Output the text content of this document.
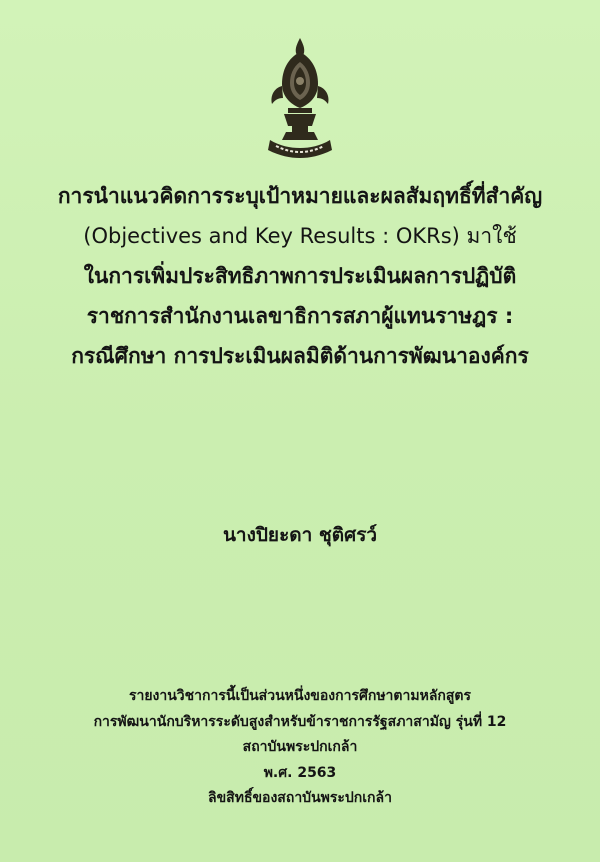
การนำแนวคิดการระบุเป้าหมายและผลสัมฤทธิ์ที่สำคัญ
(Objectives and Key Results : OKRs) มาใช้
ในการเพิ่มประสิทธิภาพการประเมินผลการปฏิบัติ
ราชการสำนักงานเลขาธิการสภาผู้แทนราษฎร :
กรณีศึกษา การประเมินผลมิติด้านการพัฒนาองค์กร
นางปิยะดา ชุติศรว์
รายงานวิชาการนี้เป็นส่วนหนึ่งของการศึกษาตามหลักสูตร
การพัฒนานักบริหารระดับสูงสำหรับข้าราชการรัฐสภาสามัญ รุ่นที่ 12
สถาบันพระปกเกล้า
พ.ศ. 2563
ลิขสิทธิ์ของสถาบันพระปกเกล้า
